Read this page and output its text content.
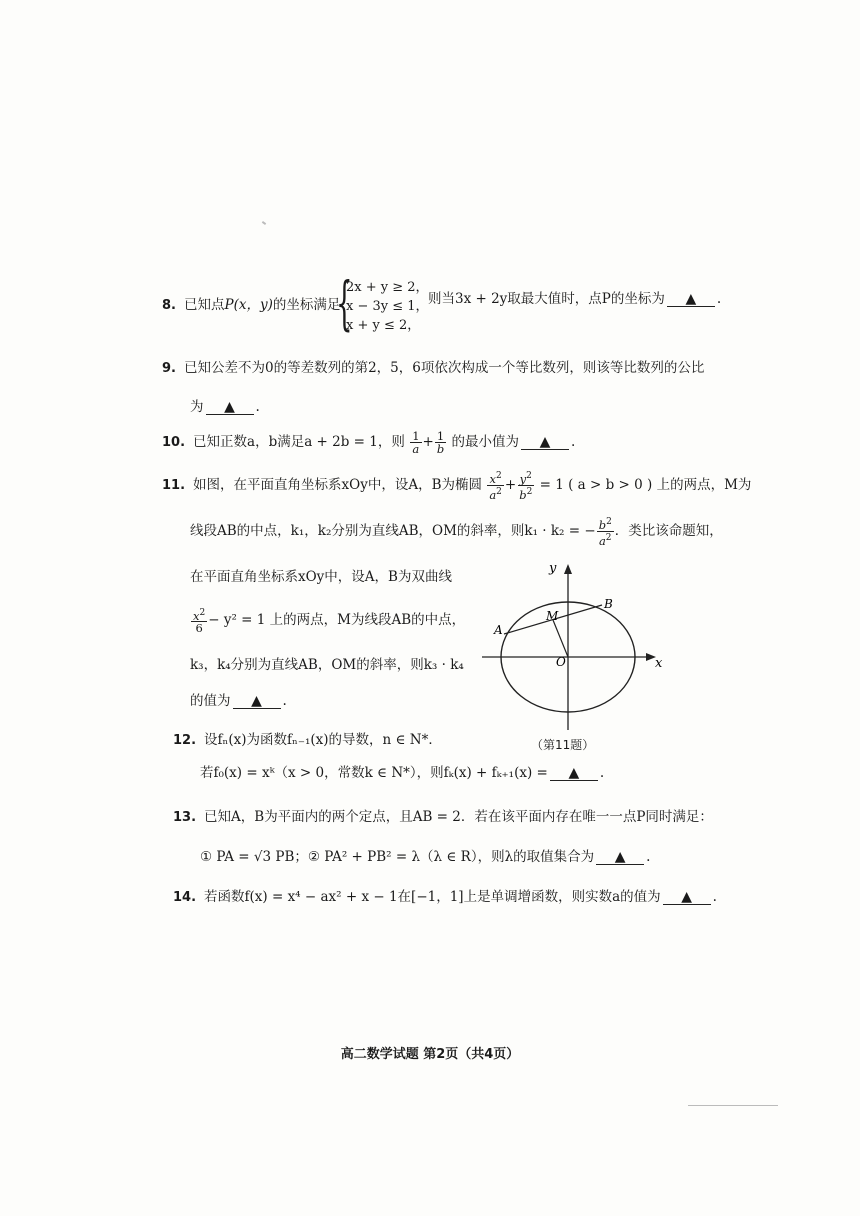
8. 已知点P(x，y)的坐标满足
{
2x + y ≥ 2，
x − 3y ≤ 1，
x + y ≤ 2，
则当3x + 2y取最大值时，点P的坐标为 ▲ .
9. 已知公差不为0的等差数列的第2，5，6项依次构成一个等比数列，则该等比数列的公比
为 ▲ .
10. 已知正数a，b满足a + 2b = 1，则 $\frac{1}{a} + \frac{1}{b}$ 的最小值为 ▲ .
11. 如图，在平面直角坐标系xOy中，设A，B为椭圆 $\frac{x^2}{a^2} + \frac{y^2}{b^2} = 1$ ( a > b > 0 ) 上的两点，M为
线段AB的中点，k₁，k₂分别为直线AB，OM的斜率，则k₁ · k₂ = − $\frac{b^2}{a^2}$ ．类比该命题知，
在平面直角坐标系xOy中，设A，B为双曲线
$\frac{x^2}{6} - y^2 = 1$ 上的两点，M为线段AB的中点，
k₃，k₄分别为直线AB，OM的斜率，则k₃ · k₄
的值为 ▲ .
y
x
O
A
B
M
（第11题）
12. 设fₙ(x)为函数fₙ₋₁(x)的导数，n ∈ N*．
若f₀(x) = xᵏ（x > 0，常数k ∈ N*），则fₖ(x) + fₖ₊₁(x) = ▲ .
13. 已知A，B为平面内的两个定点，且AB = 2．若在该平面内存在唯一一点P同时满足：
① PA = √3 PB；② PA² + PB² = λ（λ ∈ R），则λ的取值集合为 ▲ .
14. 若函数f(x) = x⁴ − ax² + x − 1在[−1，1]上是单调增函数，则实数a的值为 ▲ .
高二数学试题 第2页（共4页）
